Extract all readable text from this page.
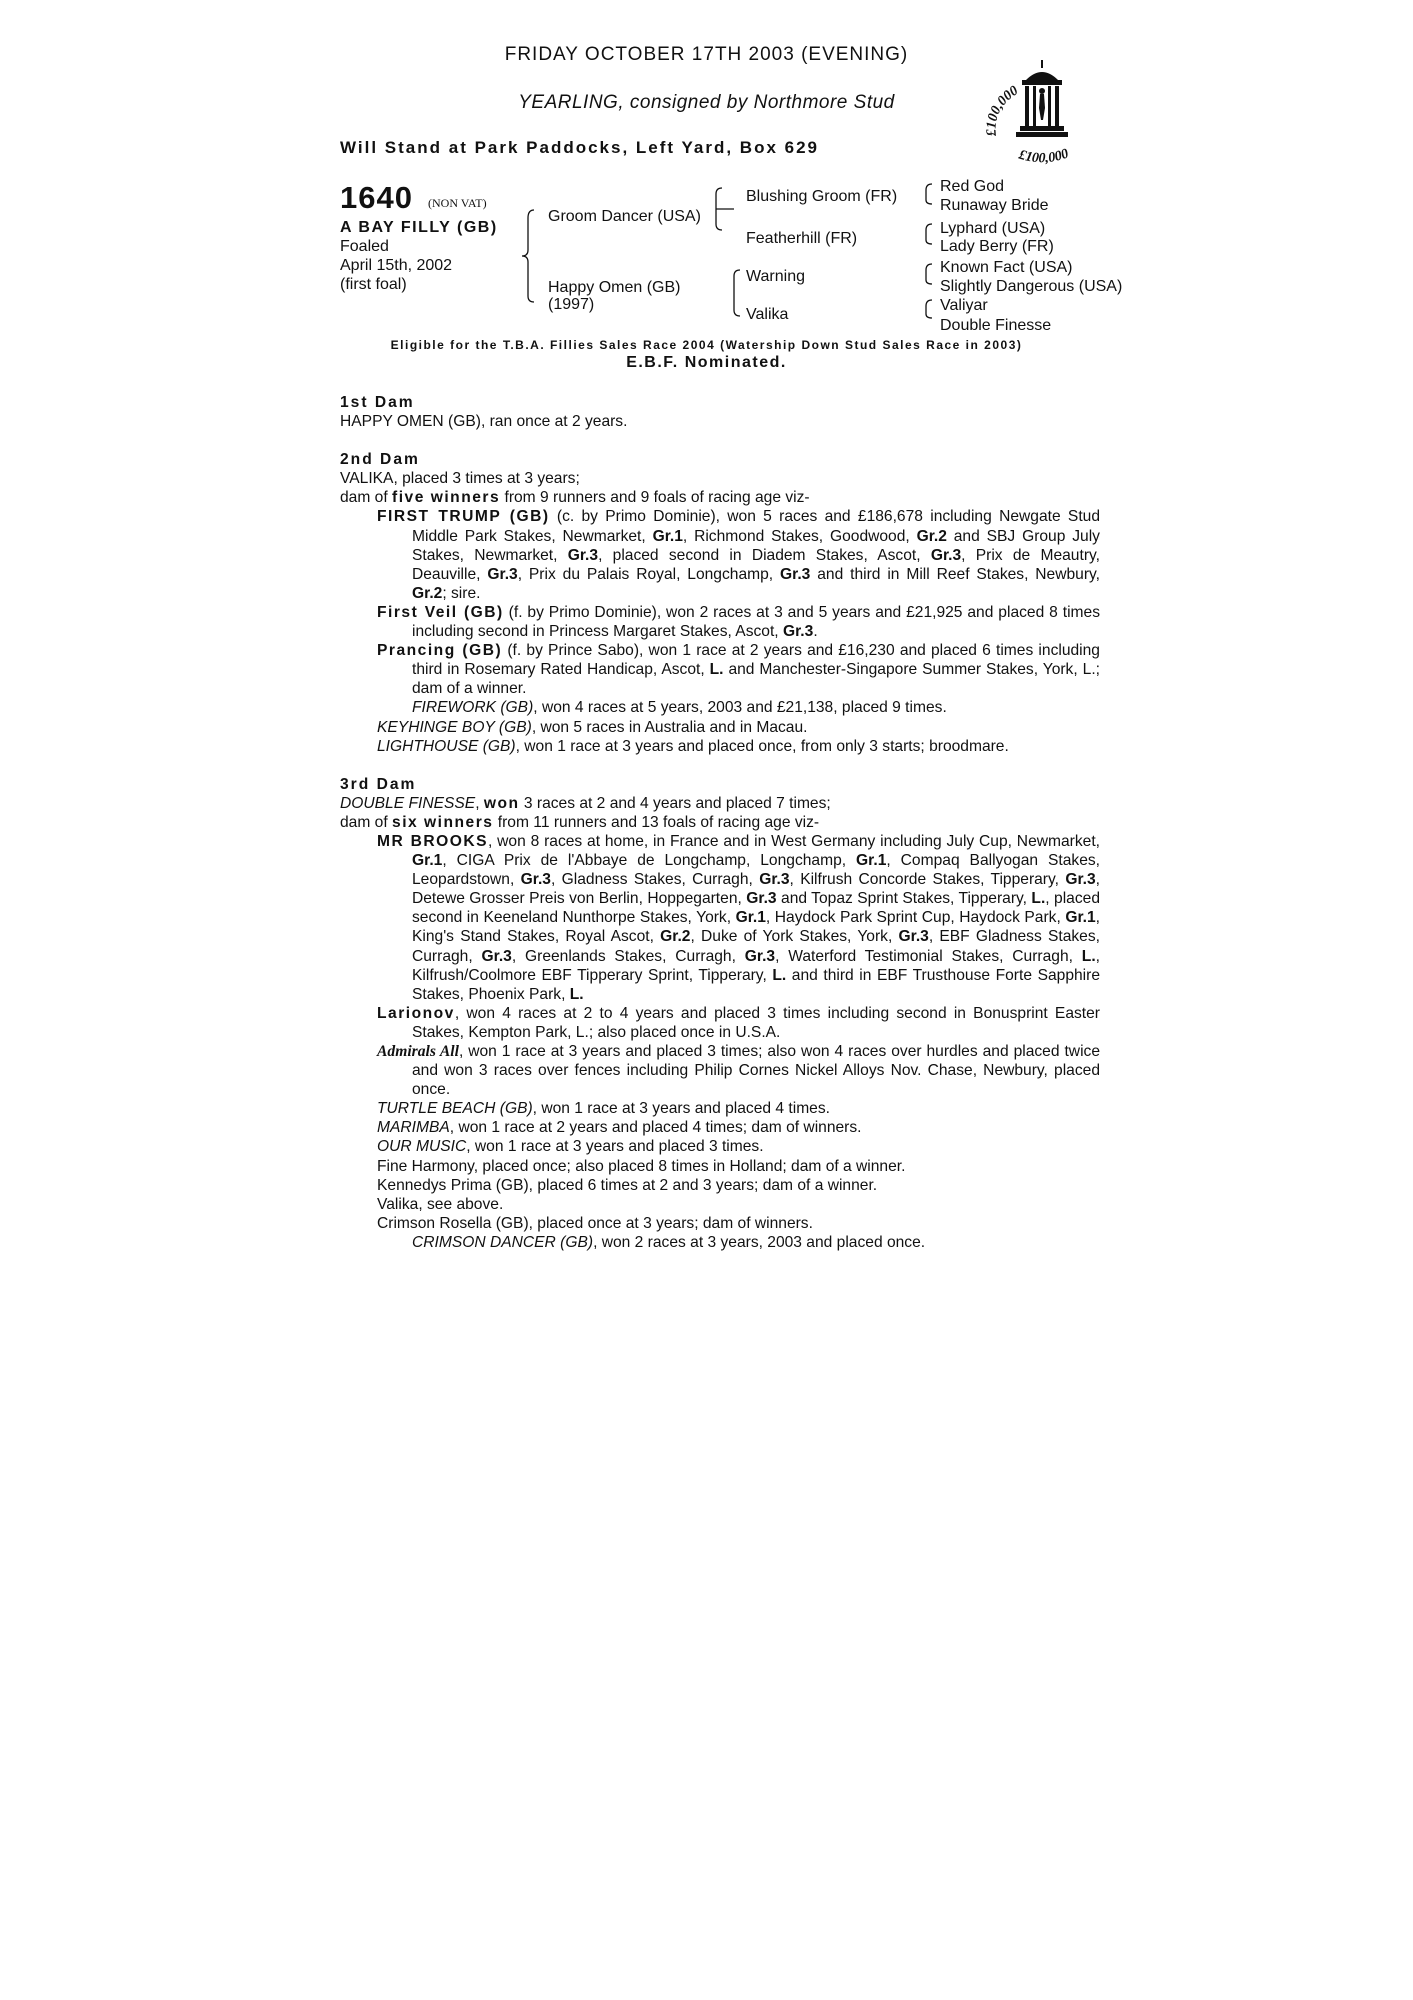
FRIDAY OCTOBER 17TH 2003 (EVENING)
YEARLING, consigned by Northmore Stud
Will Stand at Park Paddocks, Left Yard, Box 629
£100,000
£100,000
1640 (NON VAT)
A BAY FILLY (GB)
Foaled
April 15th, 2002
(first foal)
Groom Dancer (USA)
Happy Omen (GB)
(1997)
Blushing Groom (FR)
Featherhill (FR)
Warning
Valika
Red God
Runaway Bride
Lyphard (USA)
Lady Berry (FR)
Known Fact (USA)
Slightly Dangerous (USA)
Valiyar
Double Finesse
Eligible for the T.B.A. Fillies Sales Race 2004 (Watership Down Stud Sales Race in 2003)
E.B.F. Nominated.

1st Dam

HAPPY OMEN (GB), ran once at 2 years.

2nd Dam

VALIKA, placed 3 times at 3 years;

dam of five winners from 9 runners and 9 foals of racing age viz-

FIRST TRUMP (GB) (c. by Primo Dominie), won 5 races and £186,678 including Newgate Stud Middle Park Stakes, Newmarket, Gr.1, Richmond Stakes, Goodwood, Gr.2 and SBJ Group July Stakes, Newmarket, Gr.3, placed second in Diadem Stakes, Ascot, Gr.3, Prix de Meautry, Deauville, Gr.3, Prix du Palais Royal, Longchamp, Gr.3 and third in Mill Reef Stakes, Newbury, Gr.2; sire.

First Veil (GB) (f. by Primo Dominie), won 2 races at 3 and 5 years and £21,925 and placed 8 times including second in Princess Margaret Stakes, Ascot, Gr.3.

Prancing (GB) (f. by Prince Sabo), won 1 race at 2 years and £16,230 and placed 6 times including third in Rosemary Rated Handicap, Ascot, L. and Manchester-Singapore Summer Stakes, York, L.; dam of a winner.

FIREWORK (GB), won 4 races at 5 years, 2003 and £21,138, placed 9 times.

KEYHINGE BOY (GB), won 5 races in Australia and in Macau.

LIGHTHOUSE (GB), won 1 race at 3 years and placed once, from only 3 starts; broodmare.

3rd Dam

DOUBLE FINESSE, won 3 races at 2 and 4 years and placed 7 times;

dam of six winners from 11 runners and 13 foals of racing age viz-

MR BROOKS, won 8 races at home, in France and in West Germany including July Cup, Newmarket, Gr.1, CIGA Prix de l'Abbaye de Longchamp, Longchamp, Gr.1, Compaq Ballyogan Stakes, Leopardstown, Gr.3, Gladness Stakes, Curragh, Gr.3, Kilfrush Concorde Stakes, Tipperary, Gr.3, Detewe Grosser Preis von Berlin, Hoppegarten, Gr.3 and Topaz Sprint Stakes, Tipperary, L., placed second in Keeneland Nunthorpe Stakes, York, Gr.1, Haydock Park Sprint Cup, Haydock Park, Gr.1, King's Stand Stakes, Royal Ascot, Gr.2, Duke of York Stakes, York, Gr.3, EBF Gladness Stakes, Curragh, Gr.3, Greenlands Stakes, Curragh, Gr.3, Waterford Testimonial Stakes, Curragh, L., Kilfrush/Coolmore EBF Tipperary Sprint, Tipperary, L. and third in EBF Trusthouse Forte Sapphire Stakes, Phoenix Park, L.

Larionov, won 4 races at 2 to 4 years and placed 3 times including second in Bonusprint Easter Stakes, Kempton Park, L.; also placed once in U.S.A.

Admirals All, won 1 race at 3 years and placed 3 times; also won 4 races over hurdles and placed twice and won 3 races over fences including Philip Cornes Nickel Alloys Nov. Chase, Newbury, placed once.

TURTLE BEACH (GB), won 1 race at 3 years and placed 4 times.

MARIMBA, won 1 race at 2 years and placed 4 times; dam of winners.

OUR MUSIC, won 1 race at 3 years and placed 3 times.

Fine Harmony, placed once; also placed 8 times in Holland; dam of a winner.

Kennedys Prima (GB), placed 6 times at 2 and 3 years; dam of a winner.

Valika, see above.

Crimson Rosella (GB), placed once at 3 years; dam of winners.

CRIMSON DANCER (GB), won 2 races at 3 years, 2003 and placed once.
